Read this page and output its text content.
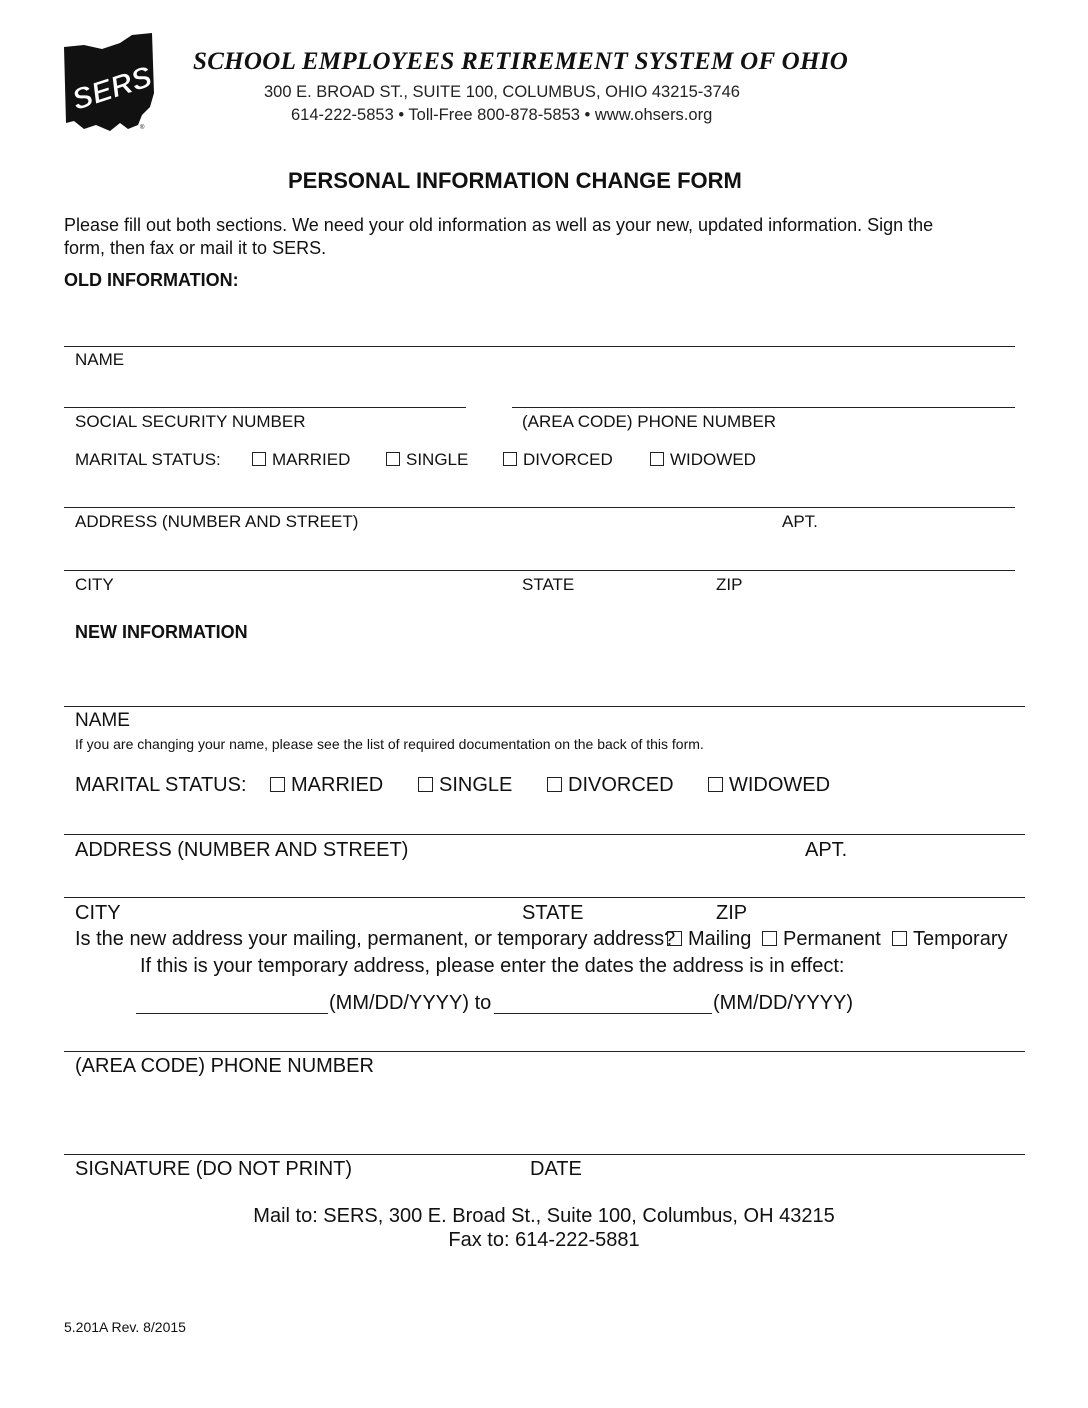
SERS
®
SCHOOL EMPLOYEES RETIREMENT SYSTEM OF OHIO
300 E. BROAD ST., SUITE 100, COLUMBUS, OHIO 43215-3746
614-222-5853 • Toll-Free 800-878-5853 • www.ohsers.org
PERSONAL INFORMATION CHANGE FORM
Please fill out both sections. We need your old information as well as your new, updated information. Sign the
form, then fax or mail it to SERS.
OLD INFORMATION:
NAME
SOCIAL SECURITY NUMBER	(AREA CODE) PHONE NUMBER
MARITAL STATUS:	MARRIED	SINGLE	DIVORCED	WIDOWED
ADDRESS (NUMBER AND STREET)	APT.
CITY	STATE	ZIP
NEW INFORMATION
NAME
If you are changing your name, please see the list of required documentation on the back of this form.
MARITAL STATUS:	MARRIED	SINGLE	DIVORCED	WIDOWED
ADDRESS (NUMBER AND STREET)	APT.
CITY	STATE	ZIP
Is the new address your mailing, permanent, or temporary address? Mailing	Permanent	Temporary
If this is your temporary address, please enter the dates the address is in effect:
(MM/DD/YYYY) to	(MM/DD/YYYY)
(AREA CODE) PHONE NUMBER
SIGNATURE (DO NOT PRINT)	DATE
Mail to: SERS, 300 E. Broad St., Suite 100, Columbus, OH 43215
Fax to: 614-222-5881
5.201A Rev. 8/2015
